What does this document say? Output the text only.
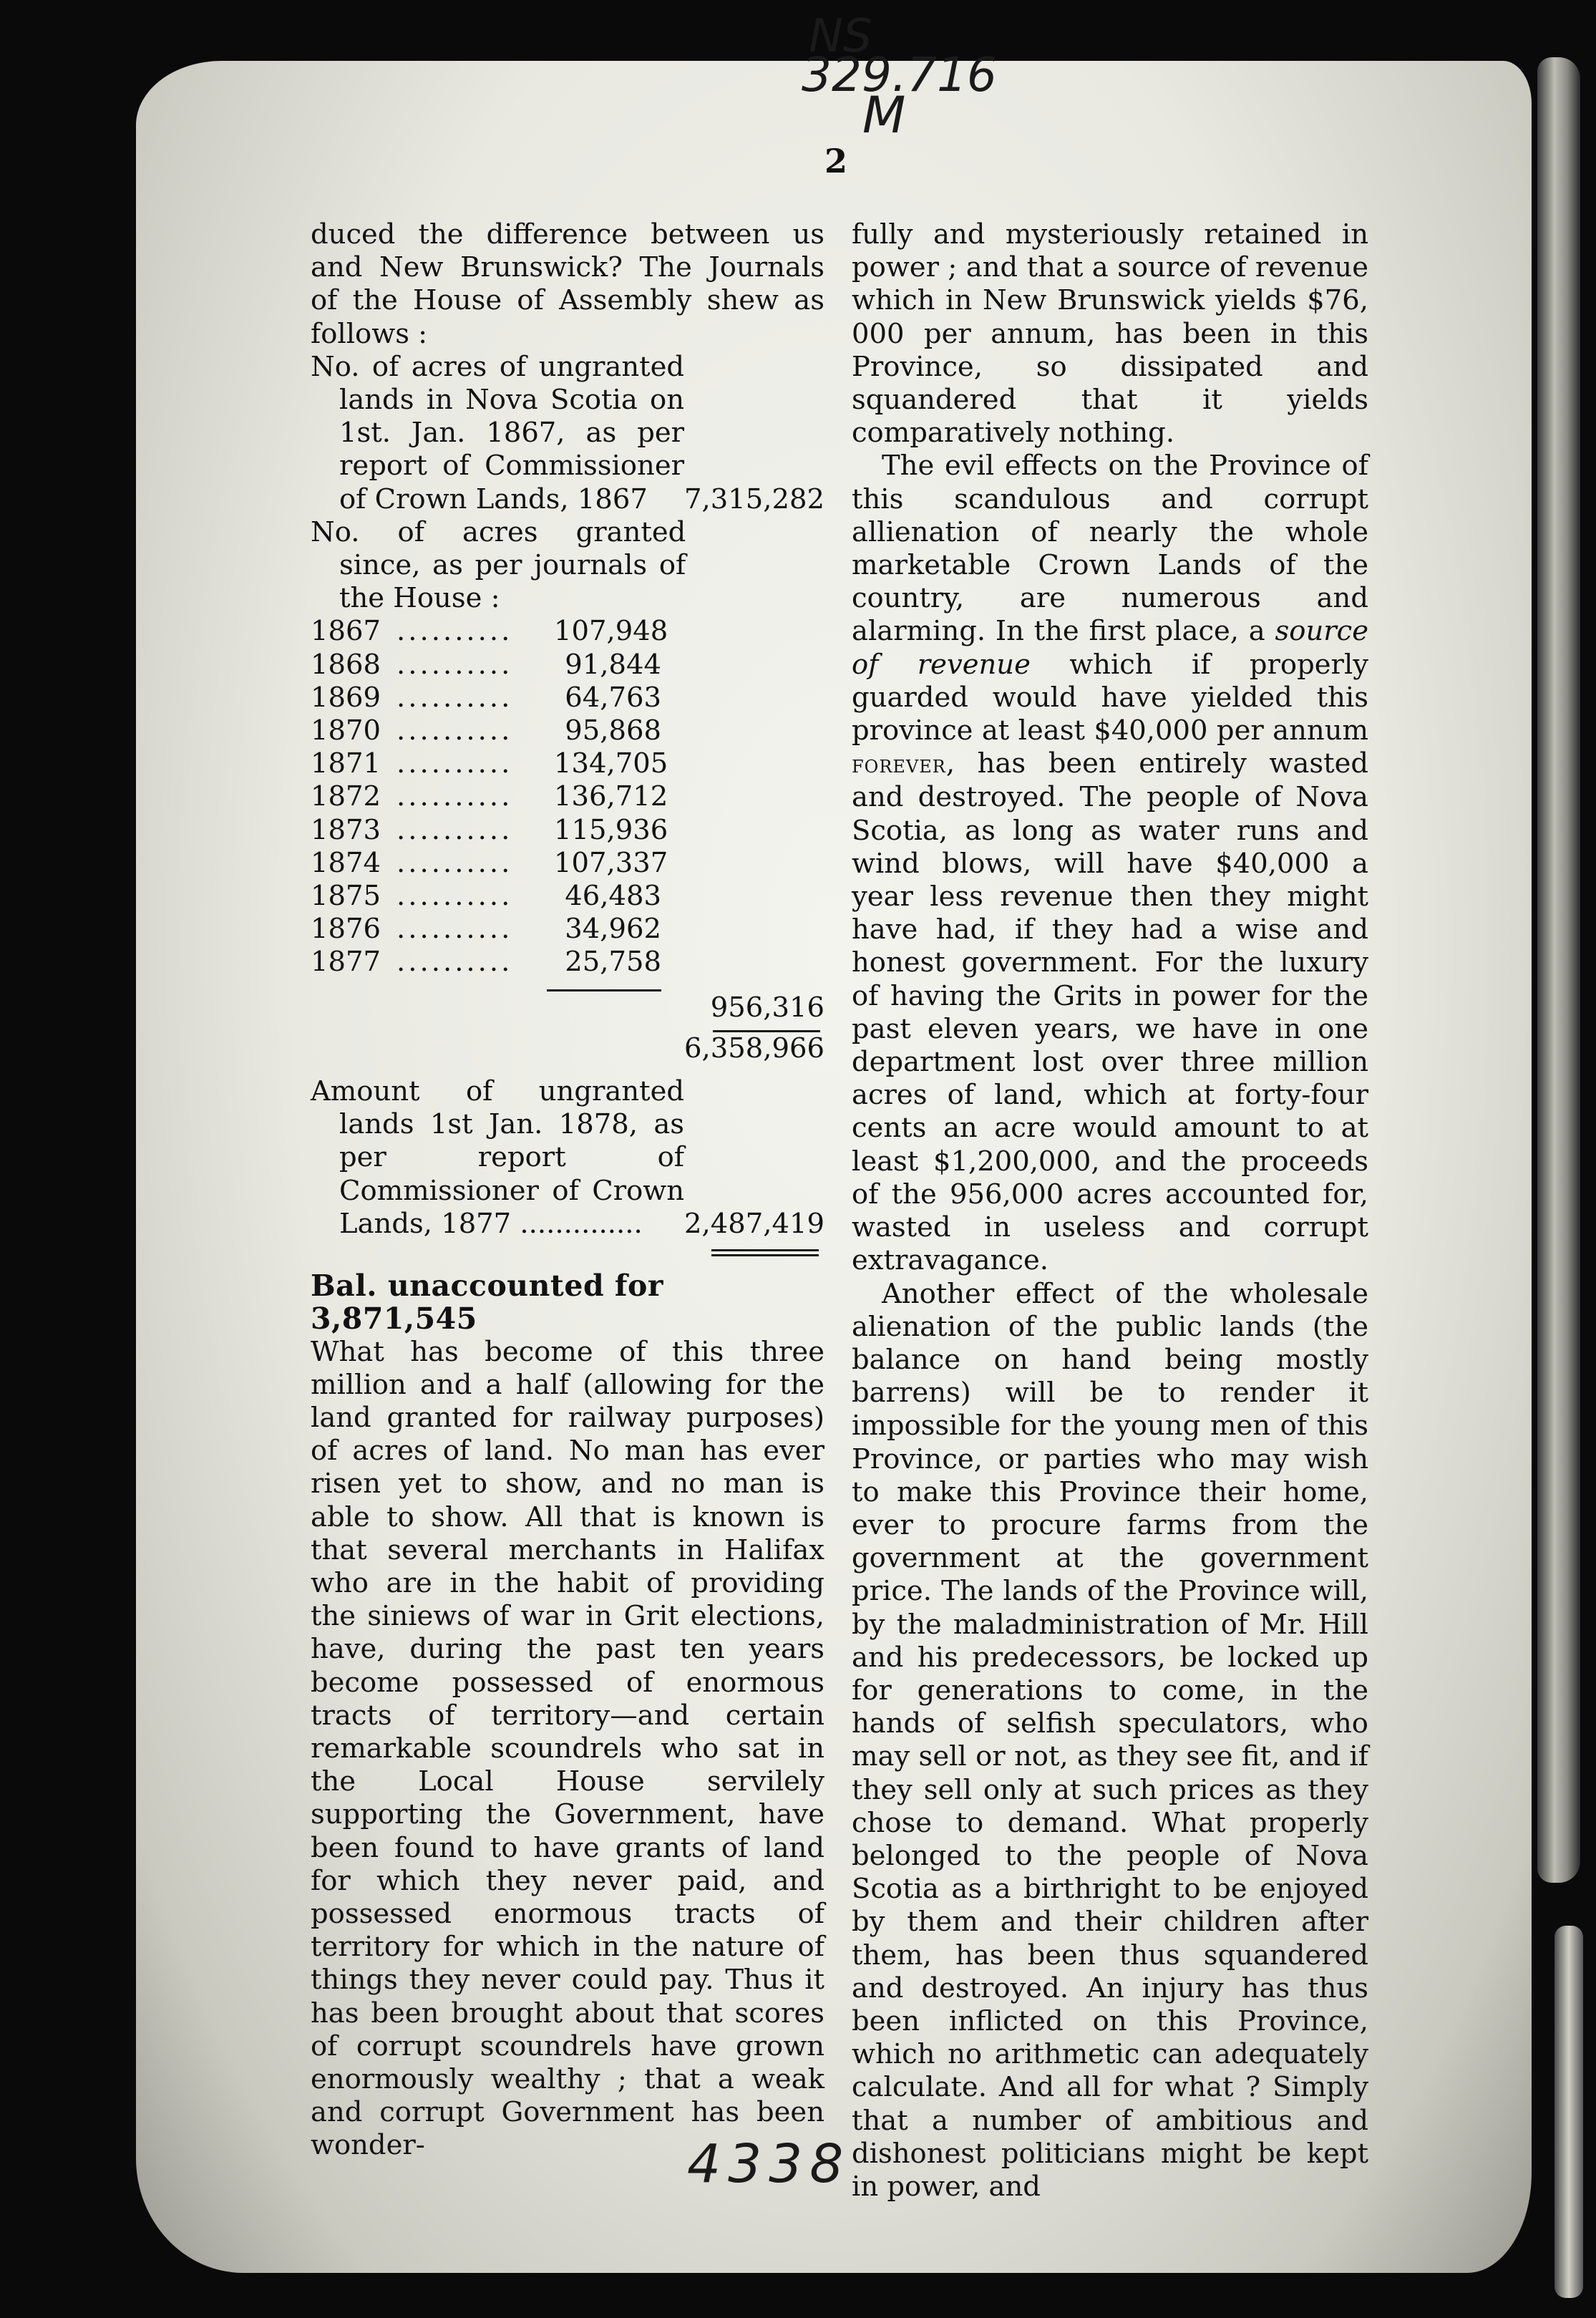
NS
329.716
M
2

duced the difference between us and New Brunswick? The Journals of the House of Assembly shew as follows :

No. of acres of ungranted lands in Nova Scotia on 1st. Jan. 1867, as per report of Commissioner of Crown Lands, 1867	7,315,282
No. of acres granted since, as per journals of the House :
1867 ..........	107,948
1868 ..........	91,844
1869 ..........	64,763
1870 ..........	95,868
1871 ..........	134,705
1872 ..........	136,712
1873 ..........	115,936
1874 ..........	107,337
1875 ..........	46,483
1876 ..........	34,962
1877 ..........	25,758
956,316
6,358,966
Amount of ungranted lands 1st Jan. 1878, as per report of Commissioner of Crown Lands, 1877 ..............	2,487,419
Bal. unaccounted for 3,871,545

What has become of this three million and a half (allowing for the land granted for railway purposes) of acres of land. No man has ever risen yet to show, and no man is able to show. All that is known is that several merchants in Halifax who are in the habit of providing the siniews of war in Grit elections, have, during the past ten years become possessed of enormous tracts of territory—and certain remarkable scoundrels who sat in the Local House servilely supporting the Government, have been found to have grants of land for which they never paid, and possessed enormous tracts of territory for which in the nature of things they never could pay. Thus it has been brought about that scores of corrupt scoundrels have grown enormously wealthy ; that a weak and corrupt Government has been wonder-

fully and mysteriously retained in power ; and that a source of revenue which in New Brunswick yields $76, 000 per annum, has been in this Province, so dissipated and squandered that it yields comparatively nothing.

The evil effects on the Province of this scandulous and corrupt allienation of nearly the whole marketable Crown Lands of the country, are numerous and alarming. In the first place, a source of revenue which if properly guarded would have yielded this province at least $40,000 per annum forever, has been entirely wasted and destroyed. The people of Nova Scotia, as long as water runs and wind blows, will have $40,000 a year less revenue then they might have had, if they had a wise and honest government. For the luxury of having the Grits in power for the past eleven years, we have in one department lost over three million acres of land, which at forty-four cents an acre would amount to at least $1,200,000, and the proceeds of the 956,000 acres accounted for, wasted in useless and corrupt extravagance.

Another effect of the wholesale alienation of the public lands (the balance on hand being mostly barrens) will be to render it impossible for the young men of this Province, or parties who may wish to make this Province their home, ever to procure farms from the government at the government price. The lands of the Province will, by the maladministration of Mr. Hill and his predecessors, be locked up for generations to come, in the hands of selfish speculators, who may sell or not, as they see fit, and if they sell only at such prices as they chose to demand. What properly belonged to the people of Nova Scotia as a birthright to be enjoyed by them and their children after them, has been thus squandered and destroyed. An injury has thus been inflicted on this Province, which no arithmetic can adequately calculate. And all for what ? Simply that a number of ambitious and dishonest politicians might be kept in power, and

4338
